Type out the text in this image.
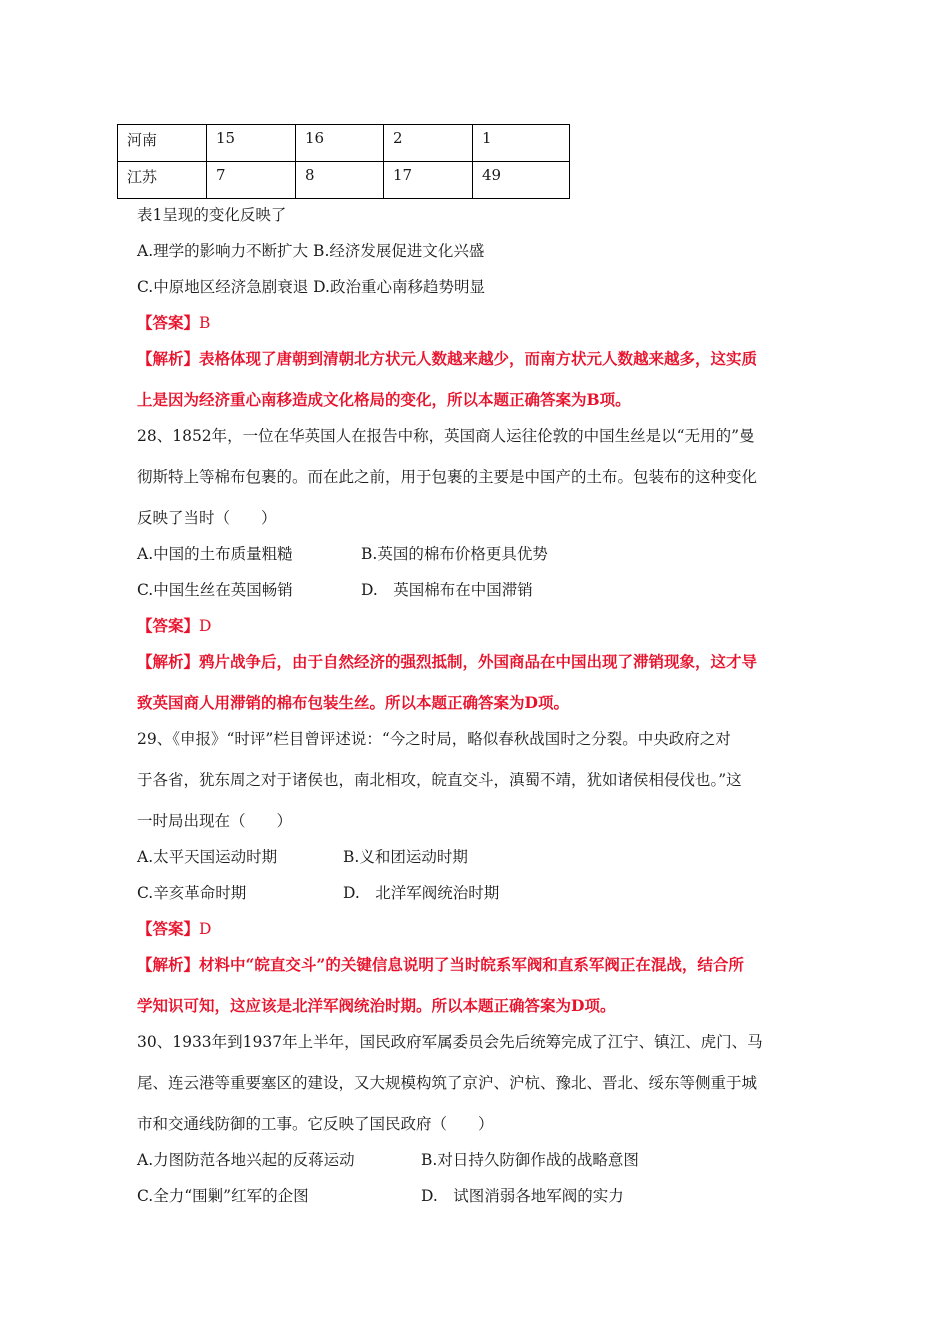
河南	15	16	2	1
江苏	7	8	17	49
表1呈现的变化反映了
A.理学的影响力不断扩大 B.经济发展促进文化兴盛
C.中原地区经济急剧衰退 D.政治重心南移趋势明显
【答案】B
【解析】表格体现了唐朝到清朝北方状元人数越来越少，而南方状元人数越来越多，这实质
上是因为经济重心南移造成文化格局的变化，所以本题正确答案为B项。
28、1852年，一位在华英国人在报告中称，英国商人运往伦敦的中国生丝是以“无用的”曼
彻斯特上等棉布包裹的。而在此之前，用于包裹的主要是中国产的土布。包装布的这种变化
反映了当时（　　）
A.中国的土布质量粗糙	B.英国的棉布价格更具优势
C.中国生丝在英国畅销	D.　英国棉布在中国滞销
【答案】D
【解析】鸦片战争后，由于自然经济的强烈抵制，外国商品在中国出现了滞销现象，这才导
致英国商人用滞销的棉布包装生丝。所以本题正确答案为D项。
29、《申报》“时评”栏目曾评述说：“今之时局，略似春秋战国时之分裂。中央政府之对
于各省，犹东周之对于诸侯也，南北相攻，皖直交斗，滇蜀不靖，犹如诸侯相侵伐也。”这
一时局出现在（　　）
A.太平天国运动时期	B.义和团运动时期
C.辛亥革命时期	D.　北洋军阀统治时期
【答案】D
【解析】材料中“皖直交斗”的关键信息说明了当时皖系军阀和直系军阀正在混战，结合所
学知识可知，这应该是北洋军阀统治时期。所以本题正确答案为D项。
30、1933年到1937年上半年，国民政府军属委员会先后统筹完成了江宁、镇江、虎门、马
尾、连云港等重要塞区的建设，又大规模构筑了京沪、沪杭、豫北、晋北、绥东等侧重于城
市和交通线防御的工事。它反映了国民政府（　　）
A.力图防范各地兴起的反蒋运动	B.对日持久防御作战的战略意图
C.全力“围剿”红军的企图	D.　试图消弱各地军阀的实力
